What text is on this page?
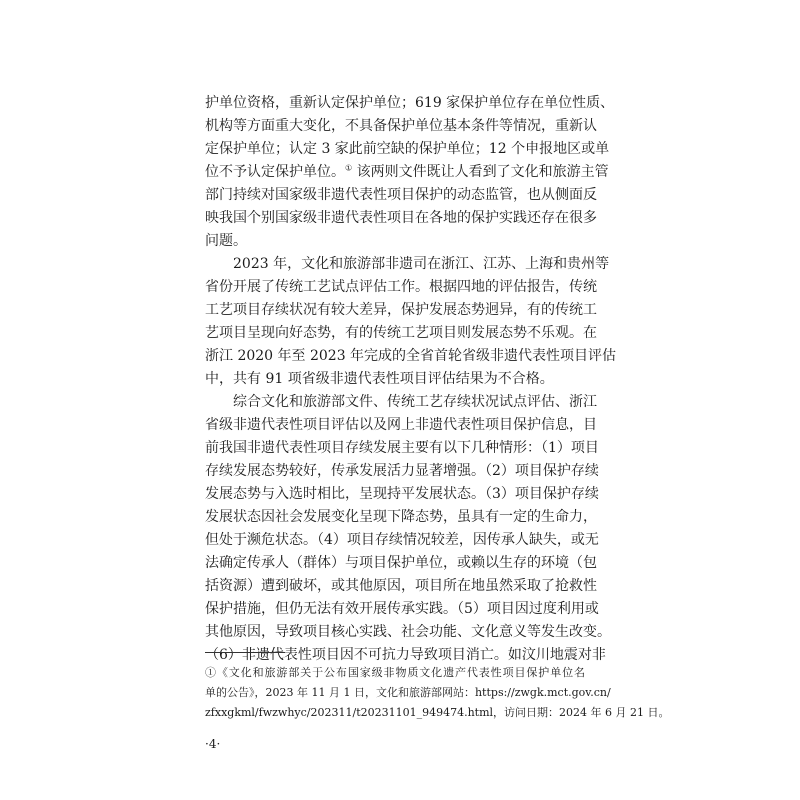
护单位资格，重新认定保护单位；619 家保护单位存在单位性质、
机构等方面重大变化，不具备保护单位基本条件等情况，重新认
定保护单位；认定 3 家此前空缺的保护单位；12 个申报地区或单
位不予认定保护单位。① 该两则文件既让人看到了文化和旅游主管
部门持续对国家级非遗代表性项目保护的动态监管，也从侧面反
映我国个别国家级非遗代表性项目在各地的保护实践还存在很多
问题。
2023 年，文化和旅游部非遗司在浙江、江苏、上海和贵州等
省份开展了传统工艺试点评估工作。根据四地的评估报告，传统
工艺项目存续状况有较大差异，保护发展态势迥异，有的传统工
艺项目呈现向好态势，有的传统工艺项目则发展态势不乐观。在
浙江 2020 年至 2023 年完成的全省首轮省级非遗代表性项目评估
中，共有 91 项省级非遗代表性项目评估结果为不合格。
综合文化和旅游部文件、传统工艺存续状况试点评估、浙江
省级非遗代表性项目评估以及网上非遗代表性项目保护信息，目
前我国非遗代表性项目存续发展主要有以下几种情形：（1）项目
存续发展态势较好，传承发展活力显著增强。（2）项目保护存续
发展态势与入选时相比，呈现持平发展状态。（3）项目保护存续
发展状态因社会发展变化呈现下降态势，虽具有一定的生命力，
但处于濒危状态。（4）项目存续情况较差，因传承人缺失，或无
法确定传承人（群体）与项目保护单位，或赖以生存的环境（包
括资源）遭到破坏，或其他原因，项目所在地虽然采取了抢救性
保护措施，但仍无法有效开展传承实践。（5）项目因过度利用或
其他原因，导致项目核心实践、社会功能、文化意义等发生改变。
（6）非遗代表性项目因不可抗力导致项目消亡。如汶川地震对非
①《文化和旅游部关于公布国家级非物质文化遗产代表性项目保护单位名
单的公告》，2023 年 11 月 1 日，文化和旅游部网站：https://zwgk.mct.gov.cn/
zfxxgkml/fwzwhyc/202311/t20231101_949474.html，访问日期：2024 年 6 月 21 日。
·4·
